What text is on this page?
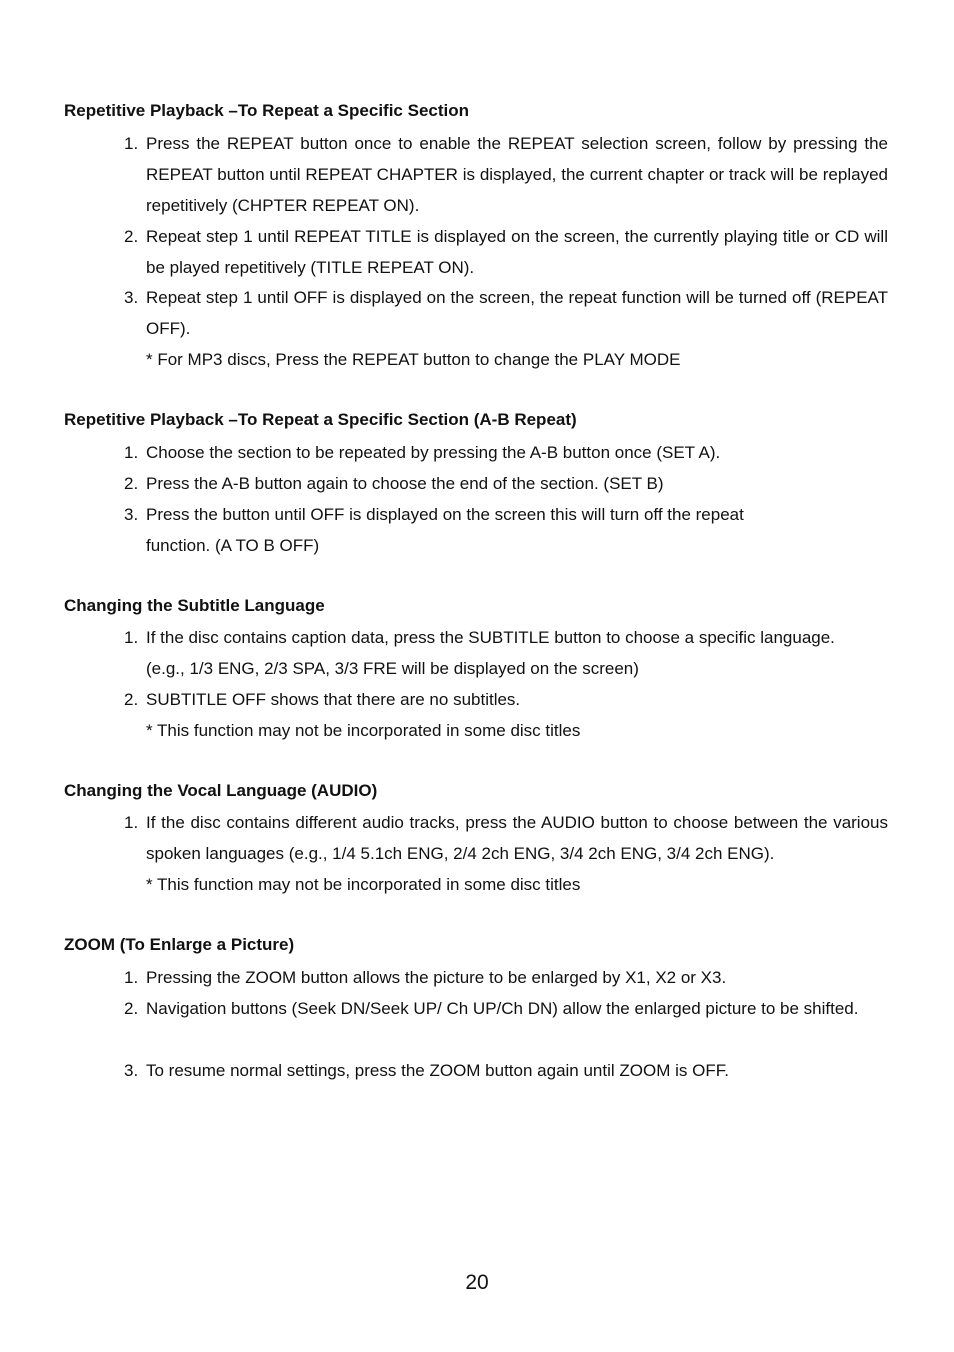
Repetitive Playback –To Repeat a Specific Section
1. Press the REPEAT button once to enable the REPEAT selection screen, follow by pressing the REPEAT button until REPEAT CHAPTER is displayed, the current chapter or track will be replayed repetitively (CHPTER REPEAT ON).
2. Repeat step 1 until REPEAT TITLE is displayed on the screen, the currently playing title or CD will be played repetitively (TITLE REPEAT ON).
3. Repeat step 1 until OFF is displayed on the screen, the repeat function will be turned off (REPEAT OFF).
* For MP3 discs, Press the REPEAT button to change the PLAY MODE
Repetitive Playback –To Repeat a Specific Section (A-B Repeat)
1. Choose the section to be repeated by pressing the A-B button once (SET A).
2. Press the A-B button again to choose the end of the section. (SET B)
3. Press the button until OFF is displayed on the screen this will turn off the repeat
function. (A TO B OFF)
Changing the Subtitle Language
1. If the disc contains caption data, press the SUBTITLE button to choose a specific language.
(e.g., 1/3 ENG, 2/3 SPA, 3/3 FRE will be displayed on the screen)
2. SUBTITLE OFF shows that there are no subtitles.
* This function may not be incorporated in some disc titles
Changing the Vocal Language (AUDIO)
1. If the disc contains different audio tracks, press the AUDIO button to choose between the various spoken languages (e.g., 1/4 5.1ch ENG, 2/4 2ch ENG, 3/4 2ch ENG, 3/4 2ch ENG).
* This function may not be incorporated in some disc titles
ZOOM (To Enlarge a Picture)
1. Pressing the ZOOM button allows the picture to be enlarged by X1, X2 or X3.
2. Navigation buttons (Seek DN/Seek UP/ Ch UP/Ch DN) allow the enlarged picture to be shifted.
3. To resume normal settings, press the ZOOM button again until ZOOM is OFF.
20
